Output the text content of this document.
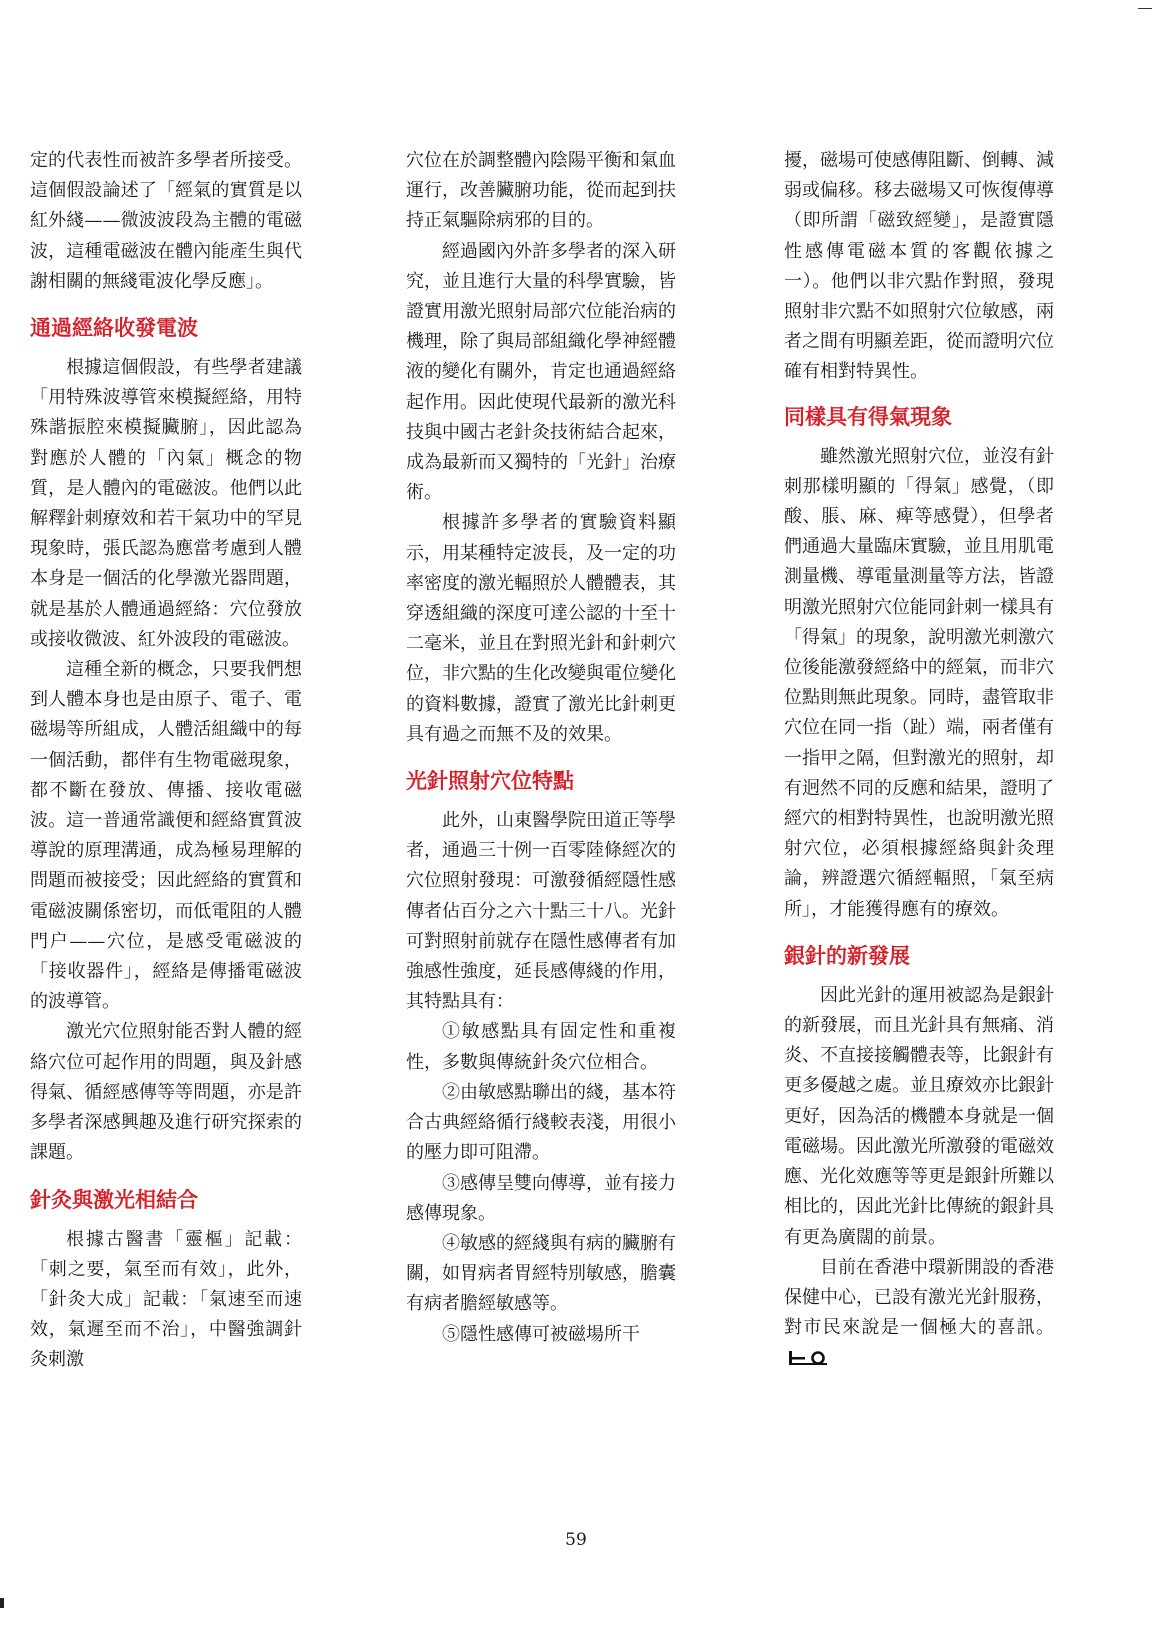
定的代表性而被許多學者所接受。這個假設論述了「經氣的實質是以紅外綫——微波波段為主體的電磁波，這種電磁波在體內能產生與代謝相關的無綫電波化學反應」。

通過經絡收發電波

根據這個假設，有些學者建議「用特殊波導管來模擬經絡，用特殊諧振腔來模擬臟腑」，因此認為對應於人體的「內氣」概念的物質，是人體內的電磁波。他們以此解釋針刺療效和若干氣功中的罕見現象時，張氏認為應當考慮到人體本身是一個活的化學激光器問題，就是基於人體通過經絡：穴位發放或接收微波、紅外波段的電磁波。

這種全新的概念，只要我們想到人體本身也是由原子、電子、電磁場等所組成，人體活組織中的每一個活動，都伴有生物電磁現象，都不斷在發放、傳播、接收電磁波。這一普通常識便和經絡實質波導說的原理溝通，成為極易理解的問題而被接受；因此經絡的實質和電磁波關係密切，而低電阻的人體門户——穴位，是感受電磁波的「接收器件」，經絡是傳播電磁波的波導管。

激光穴位照射能否對人體的經絡穴位可起作用的問題，與及針感得氣、循經感傳等等問題，亦是許多學者深感興趣及進行研究探索的課題。

針灸與激光相結合

根據古醫書「靈樞」記載：「刺之要，氣至而有效」，此外，「針灸大成」記載：「氣速至而速效，氣遲至而不治」，中醫強調針灸刺激

穴位在於調整體內陰陽平衡和氣血運行，改善臟腑功能，從而起到扶持正氣驅除病邪的目的。

經過國內外許多學者的深入研究，並且進行大量的科學實驗，皆證實用激光照射局部穴位能治病的機理，除了與局部組織化學神經體液的變化有關外，肯定也通過經絡起作用。因此使現代最新的激光科技與中國古老針灸技術結合起來，成為最新而又獨特的「光針」治療術。

根據許多學者的實驗資料顯示，用某種特定波長，及一定的功率密度的激光輻照於人體體表，其穿透組織的深度可達公認的十至十二毫米，並且在對照光針和針刺穴位，非穴點的生化改變與電位變化的資料數據，證實了激光比針刺更具有過之而無不及的效果。

光針照射穴位特點

此外，山東醫學院田道正等學者，通過三十例一百零陸條經次的穴位照射發現：可激發循經隱性感傳者佔百分之六十點三十八。光針可對照射前就存在隱性感傳者有加強感性強度，延長感傳綫的作用，其特點具有：

①敏感點具有固定性和重複性，多數與傳統針灸穴位相合。

②由敏感點聯出的綫，基本符合古典經絡循行綫較表淺，用很小的壓力即可阻滯。

③感傳呈雙向傳導，並有接力感傳現象。

④敏感的經綫與有病的臟腑有關，如胃病者胃經特別敏感，膽囊有病者膽經敏感等。

⑤隱性感傳可被磁場所干

擾，磁場可使感傳阻斷、倒轉、減弱或偏移。移去磁場又可恢復傳導（即所謂「磁致經變」，是證實隱性感傳電磁本質的客觀依據之一）。他們以非穴點作對照，發現照射非穴點不如照射穴位敏感，兩者之間有明顯差距，從而證明穴位確有相對特異性。

同樣具有得氣現象

雖然激光照射穴位，並沒有針刺那樣明顯的「得氣」感覺，（即酸、脹、麻、痺等感覺），但學者們通過大量臨床實驗，並且用肌電測量機、導電量測量等方法，皆證明激光照射穴位能同針刺一樣具有「得氣」的現象，說明激光刺激穴位後能激發經絡中的經氣，而非穴位點則無此現象。同時，盡管取非穴位在同一指（趾）端，兩者僅有一指甲之隔，但對激光的照射，却有迥然不同的反應和結果，證明了經穴的相對特異性，也說明激光照射穴位，必須根據經絡與針灸理論，辨證選穴循經輻照，「氣至病所」，才能獲得應有的療效。

銀針的新發展

因此光針的運用被認為是銀針的新發展，而且光針具有無痛、消炎、不直接接觸體表等，比銀針有更多優越之處。並且療效亦比銀針更好，因為活的機體本身就是一個電磁場。因此激光所激發的電磁效應、光化效應等等更是銀針所難以相比的，因此光針比傳統的銀針具有更為廣闊的前景。

目前在香港中環新開設的香港保健中心，已設有激光光針服務，對市民來說是一個極大的喜訊。

59
